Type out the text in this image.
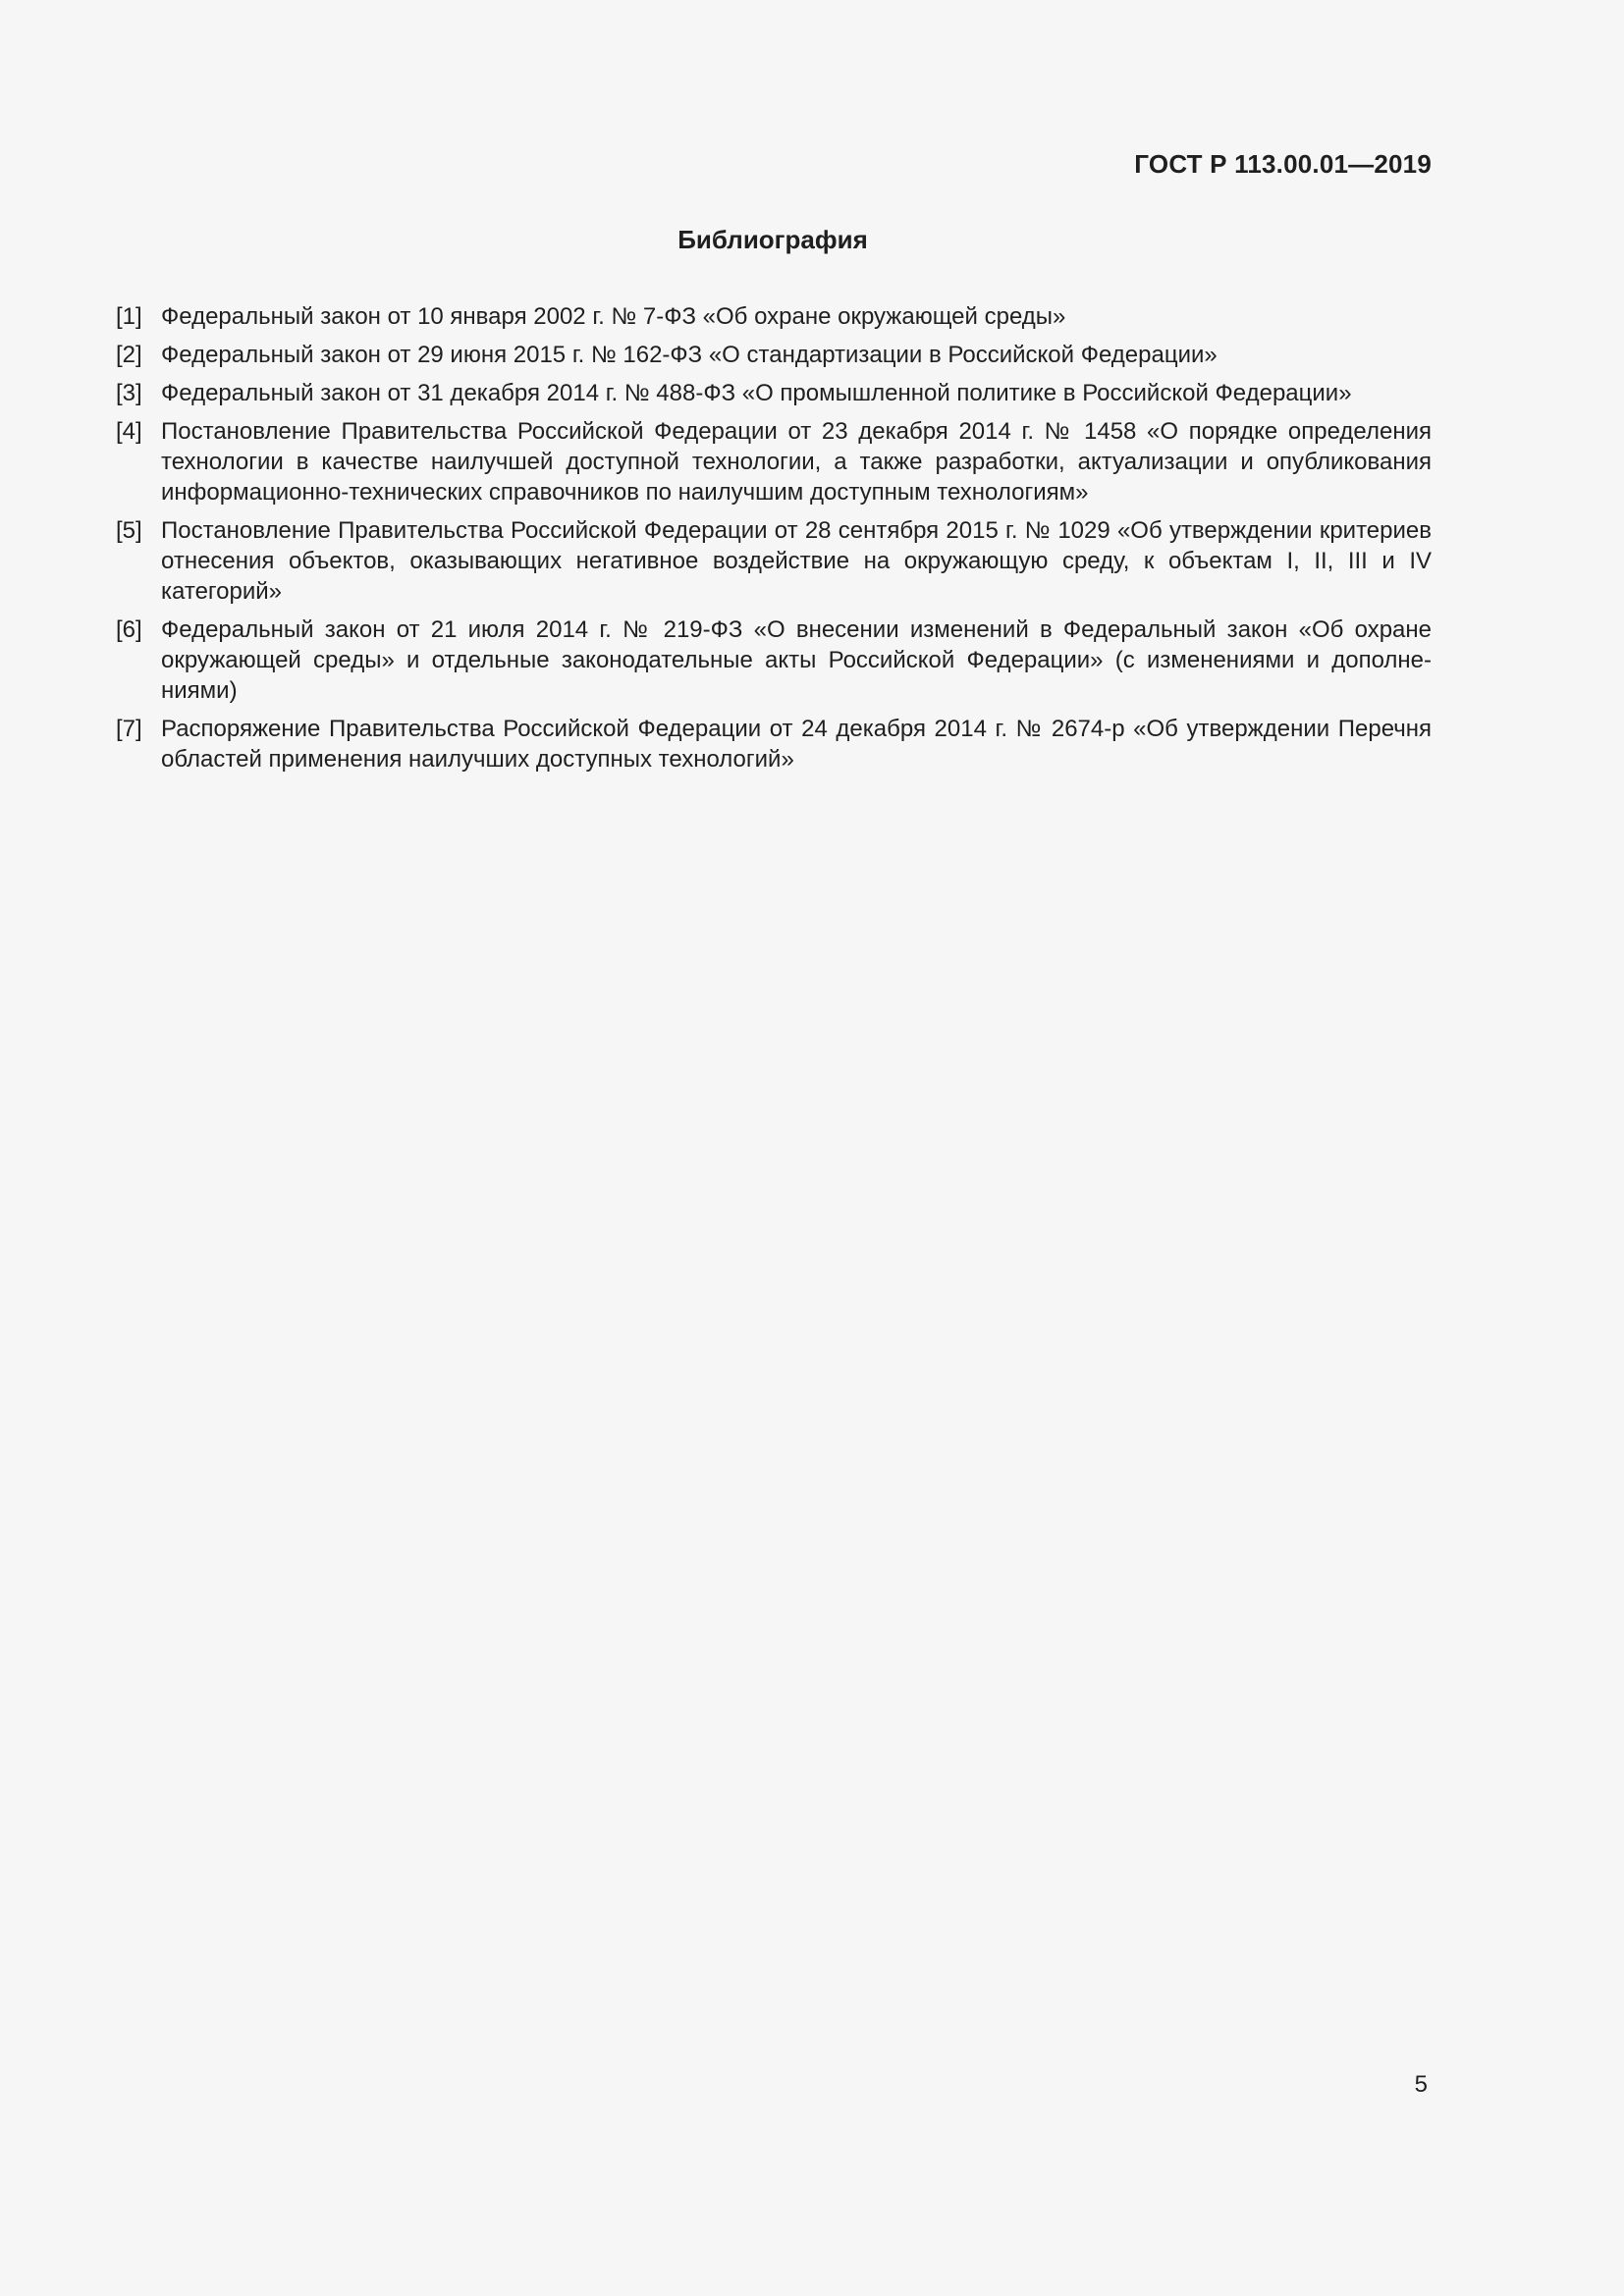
ГОСТ Р 113.00.01—2019
Библиография
[1] Федеральный закон от 10 января 2002 г. № 7-ФЗ «Об охране окружающей среды»
[2] Федеральный закон от 29 июня 2015 г. № 162-ФЗ «О стандартизации в Российской Федерации»
[3] Федеральный закон от 31 декабря 2014 г. № 488-ФЗ «О промышленной политике в Российской Федерации»
[4] Постановление Правительства Российской Федерации от 23 декабря 2014 г. № 1458 «О порядке определения технологии в качестве наилучшей доступной технологии, а также разработки, актуализации и опубликования информационно-технических справочников по наилучшим доступным технологиям»
[5] Постановление Правительства Российской Федерации от 28 сентября 2015 г. № 1029 «Об утверждении критериев отнесения объектов, оказывающих негативное воздействие на окружающую среду, к объектам I, II, III и IV категорий»
[6] Федеральный закон от 21 июля 2014 г. № 219-ФЗ «О внесении изменений в Федеральный закон «Об охране окружающей среды» и отдельные законодательные акты Российской Федерации» (с изменениями и дополнениями)
[7] Распоряжение Правительства Российской Федерации от 24 декабря 2014 г. № 2674-р «Об утверждении Перечня областей применения наилучших доступных технологий»
5
